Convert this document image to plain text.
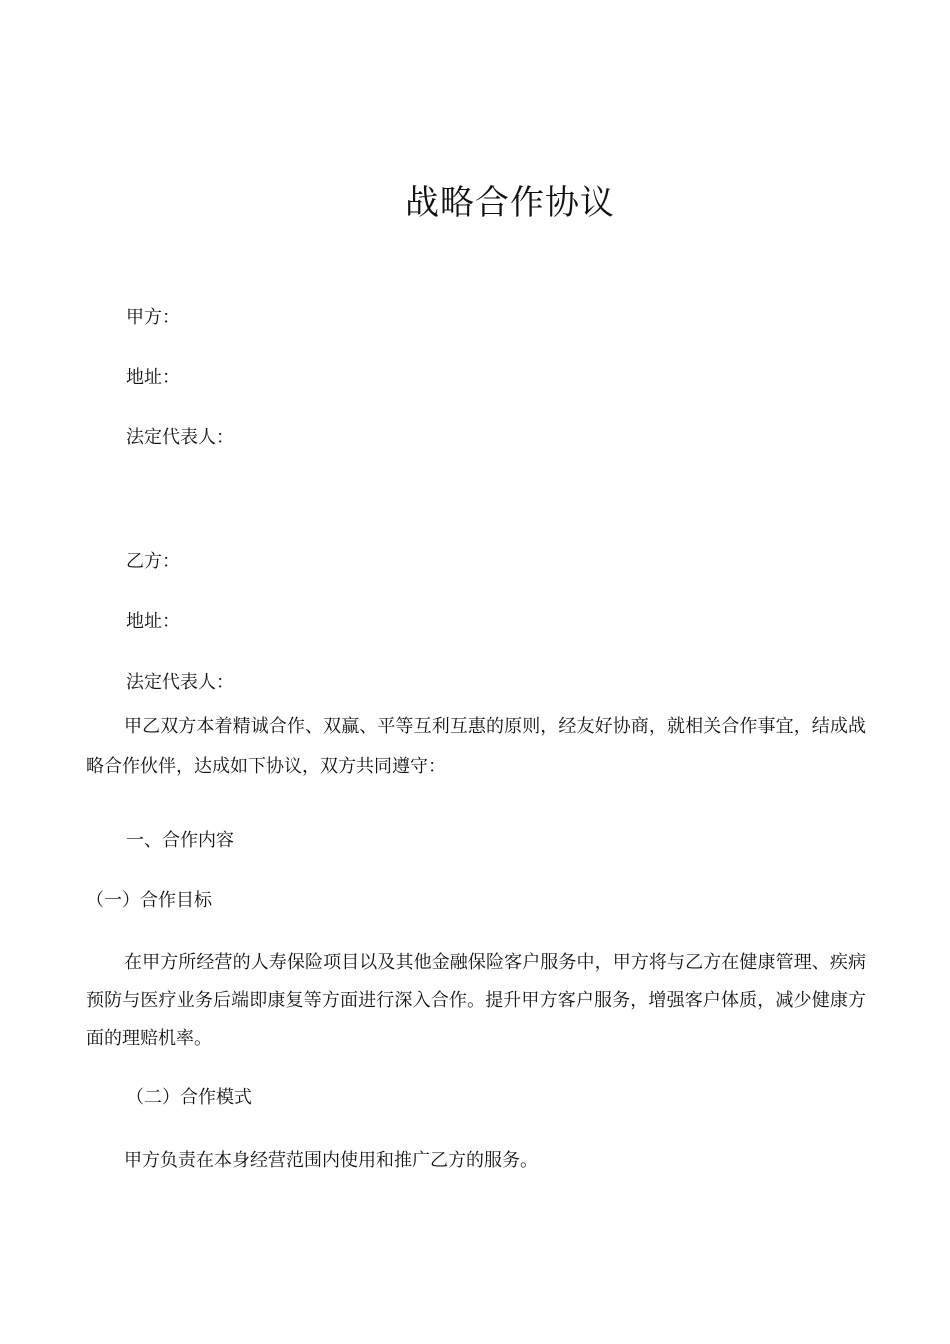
战略合作协议
甲方：
地址：
法定代表人：
乙方：
地址：
法定代表人：

甲乙双方本着精诚合作、双赢、平等互利互惠的原则，经友好协商，就相关合作事宜，结成战略合作伙伴，达成如下协议，双方共同遵守：

一、合作内容
（一）合作目标

在甲方所经营的人寿保险项目以及其他金融保险客户服务中，甲方将与乙方在健康管理、疾病预防与医疗业务后端即康复等方面进行深入合作。提升甲方客户服务，增强客户体质，减少健康方面的理赔机率。

（二）合作模式

甲方负责在本身经营范围内使用和推广乙方的服务。
